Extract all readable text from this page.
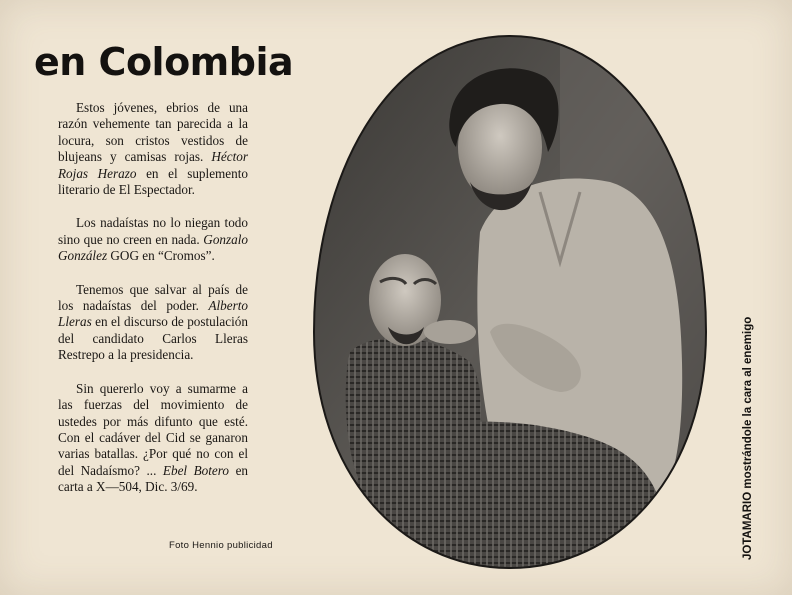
en Colombia

Estos jóvenes, ebrios de una razón vehemente tan parecida a la locura, son cristos vestidos de blujeans y camisas rojas. Héctor Rojas Herazo en el suplemento literario de El Espectador.

Los nadaístas no lo niegan todo sino que no creen en nada. Gonzalo González GOG en “Cromos”.

Tenemos que salvar al país de los nadaístas del poder. Alberto Lleras en el discurso de postulación del candidato Carlos Lleras Restrepo a la presidencia.

Sin quererlo voy a sumarme a las fuerzas del movimiento de ustedes por más difunto que esté. Con el cadáver del Cid se ganaron varias batallas. ¿Por qué no con el del Nadaísmo? ... Ebel Botero en carta a X—504, Dic. 3/69.

Foto Hennio publicidad	JOTAMARIO mostrándole la cara al enemigo
